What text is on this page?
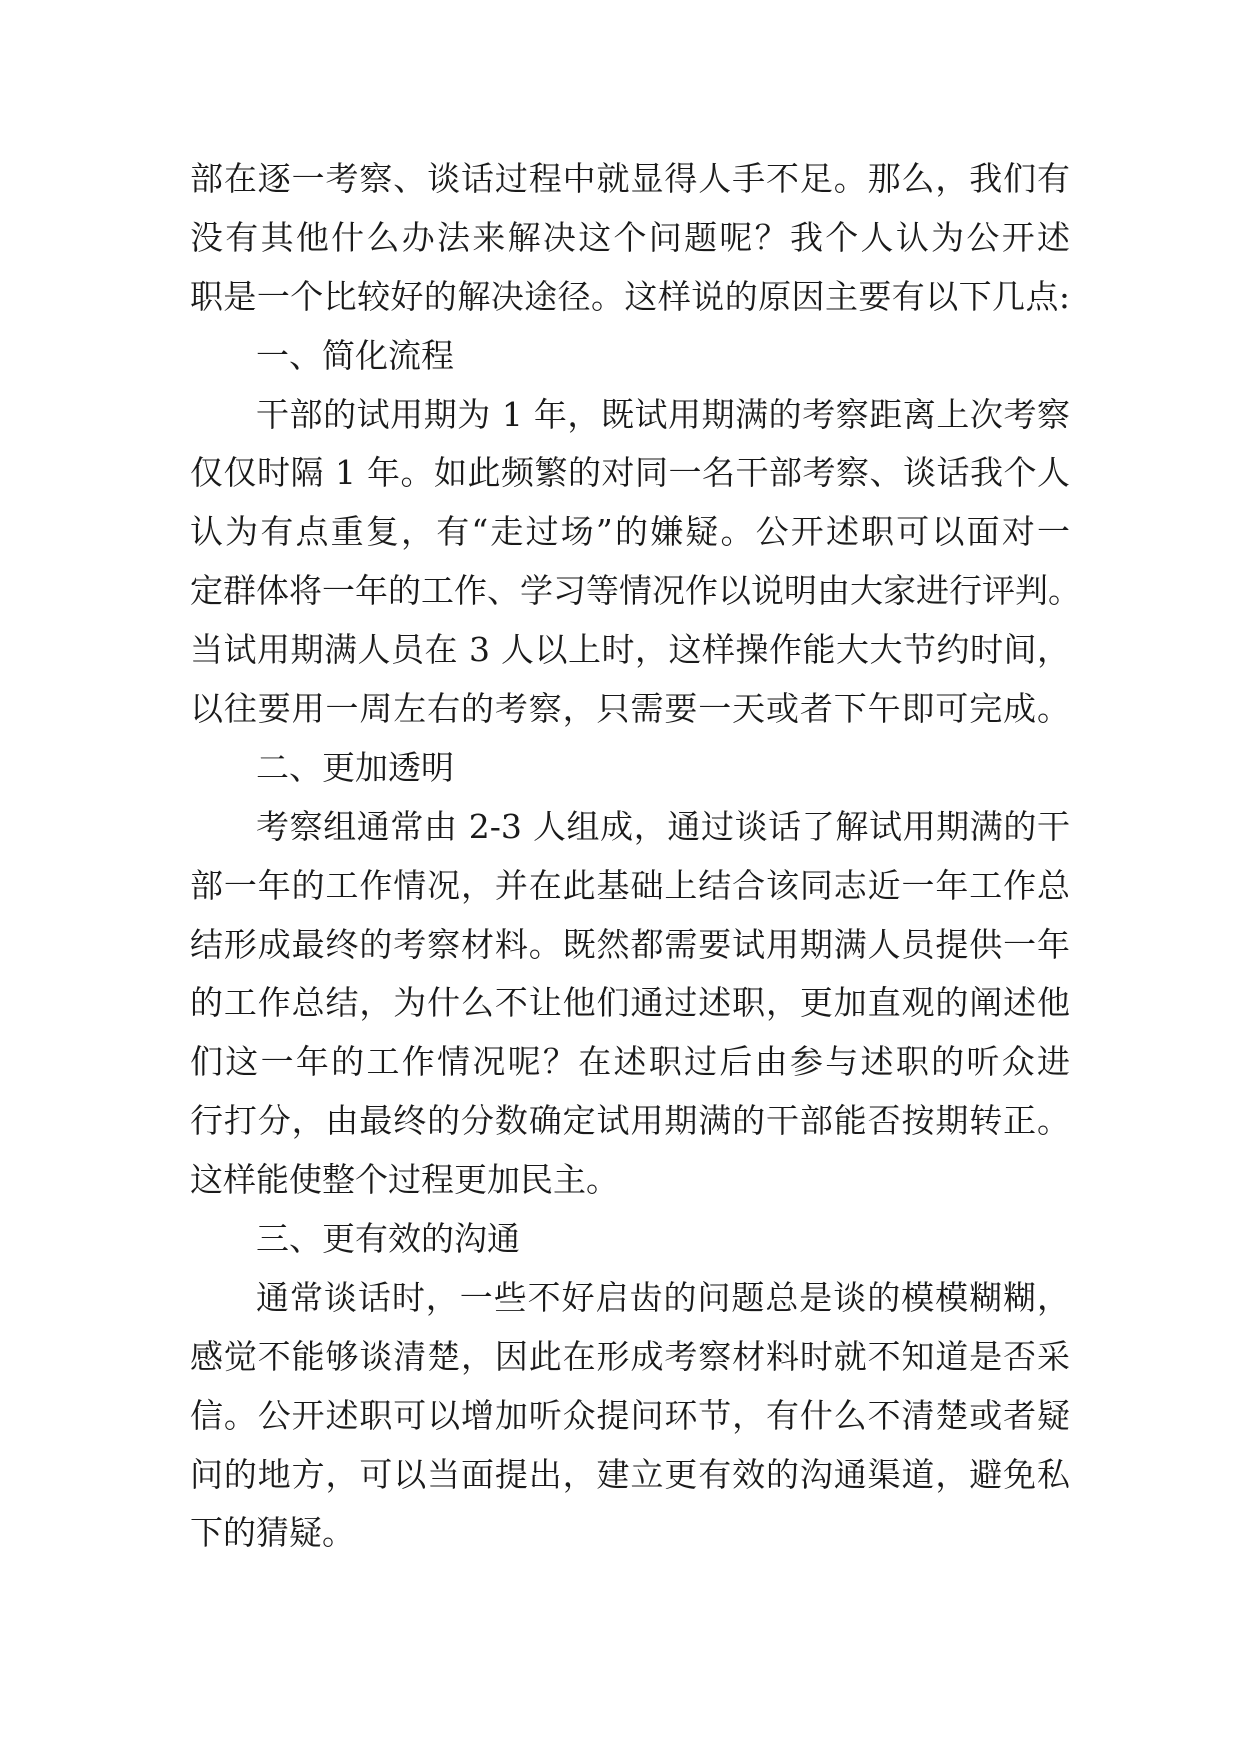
部在逐一考察、谈话过程中就显得人手不足。那么，我们有
没有其他什么办法来解决这个问题呢？我个人认为公开述
职是一个比较好的解决途径。这样说的原因主要有以下几点:
一、简化流程
干部的试用期为 1 年，既试用期满的考察距离上次考察
仅仅时隔 1 年。如此频繁的对同一名干部考察、谈话我个人
认为有点重复，有“走过场”的嫌疑。公开述职可以面对一
定群体将一年的工作、学习等情况作以说明由大家进行评判。
当试用期满人员在 3 人以上时，这样操作能大大节约时间，
以往要用一周左右的考察，只需要一天或者下午即可完成。
二、更加透明
考察组通常由 2-3 人组成，通过谈话了解试用期满的干
部一年的工作情况，并在此基础上结合该同志近一年工作总
结形成最终的考察材料。既然都需要试用期满人员提供一年
的工作总结，为什么不让他们通过述职，更加直观的阐述他
们这一年的工作情况呢？在述职过后由参与述职的听众进
行打分，由最终的分数确定试用期满的干部能否按期转正。
这样能使整个过程更加民主。
三、更有效的沟通
通常谈话时，一些不好启齿的问题总是谈的模模糊糊，
感觉不能够谈清楚，因此在形成考察材料时就不知道是否采
信。公开述职可以增加听众提问环节，有什么不清楚或者疑
问的地方，可以当面提出，建立更有效的沟通渠道，避免私
下的猜疑。
